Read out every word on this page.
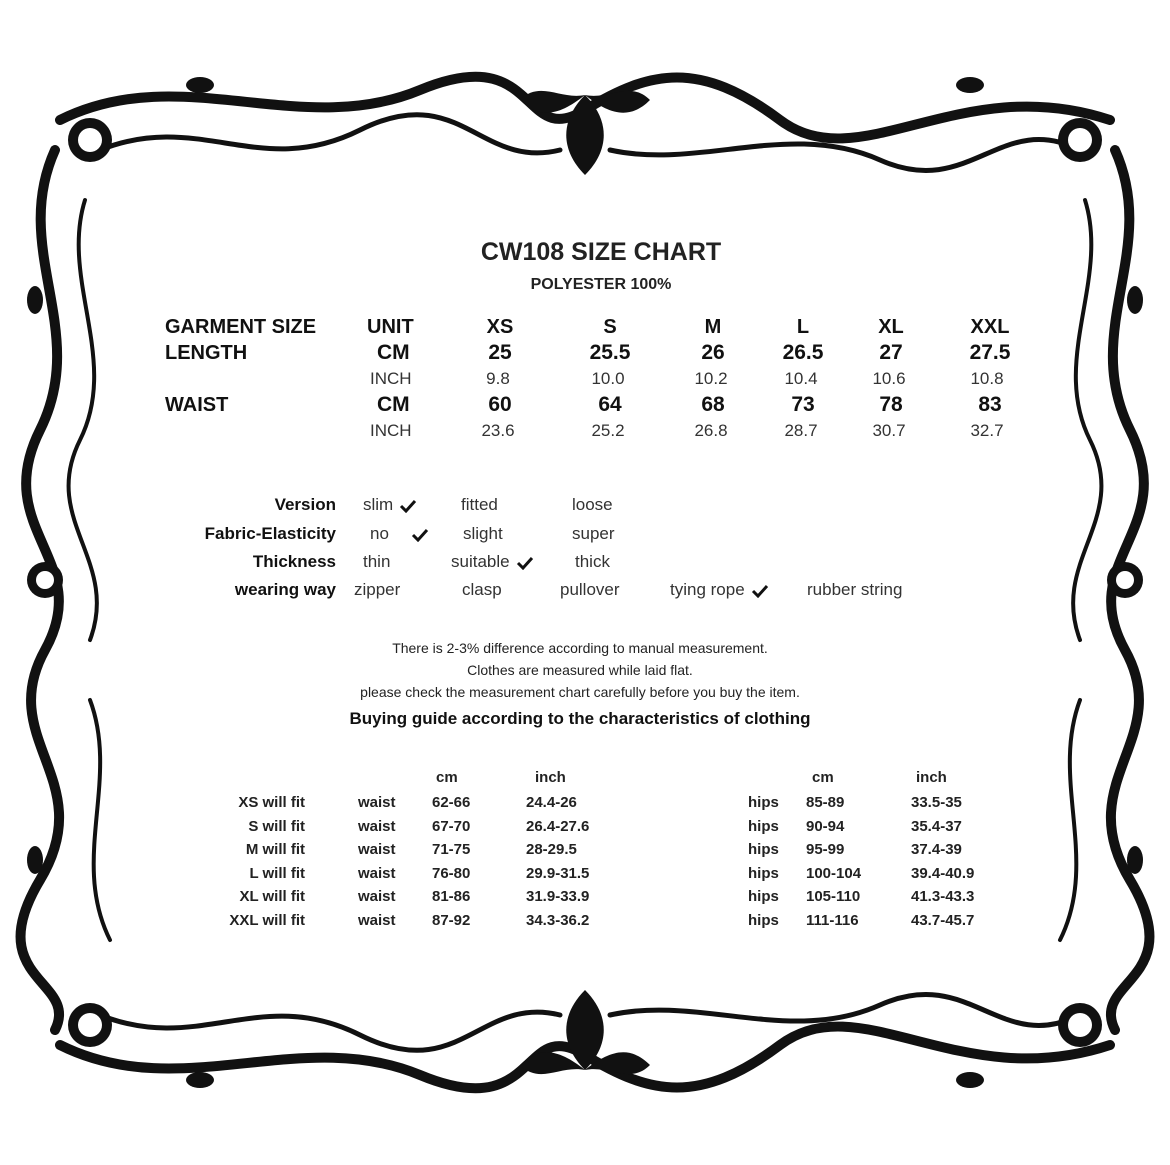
CW108 SIZE CHART
POLYESTER 100%
GARMENT SIZE	UNIT	XS	S	M	L	XL	XXL
LENGTH	CM	25	25.5	26	26.5	27	27.5
INCH	9.8	10.0	10.2	10.4	10.6	10.8
WAIST	CM	60	64	68	73	78	83
INCH	23.6	25.2	26.8	28.7	30.7	32.7
Version slim	fitted	loose
Fabric-Elasticity no	slight	super
Thickness thin	suitable	thick
wearing way zipper	clasp	pullover	tying rope	rubber string
There is 2-3% difference according to manual measurement.
Clothes are measured while laid flat.
please check the measurement chart carefully before you buy the item.
Buying guide according to the characteristics of clothing
cm	inch	cm	inch
XS will fit	waist 62-66	24.4-26	hips 85-89	33.5-35
S will fit	waist 67-70	26.4-27.6	hips 90-94	35.4-37
M will fit	waist 71-75	28-29.5	hips 95-99	37.4-39
L will fit	waist 76-80	29.9-31.5	hips 100-104	39.4-40.9
XL will fit	waist 81-86	31.9-33.9	hips 105-110	41.3-43.3
XXL will fit	waist 87-92	34.3-36.2	hips 111-116	43.7-45.7
